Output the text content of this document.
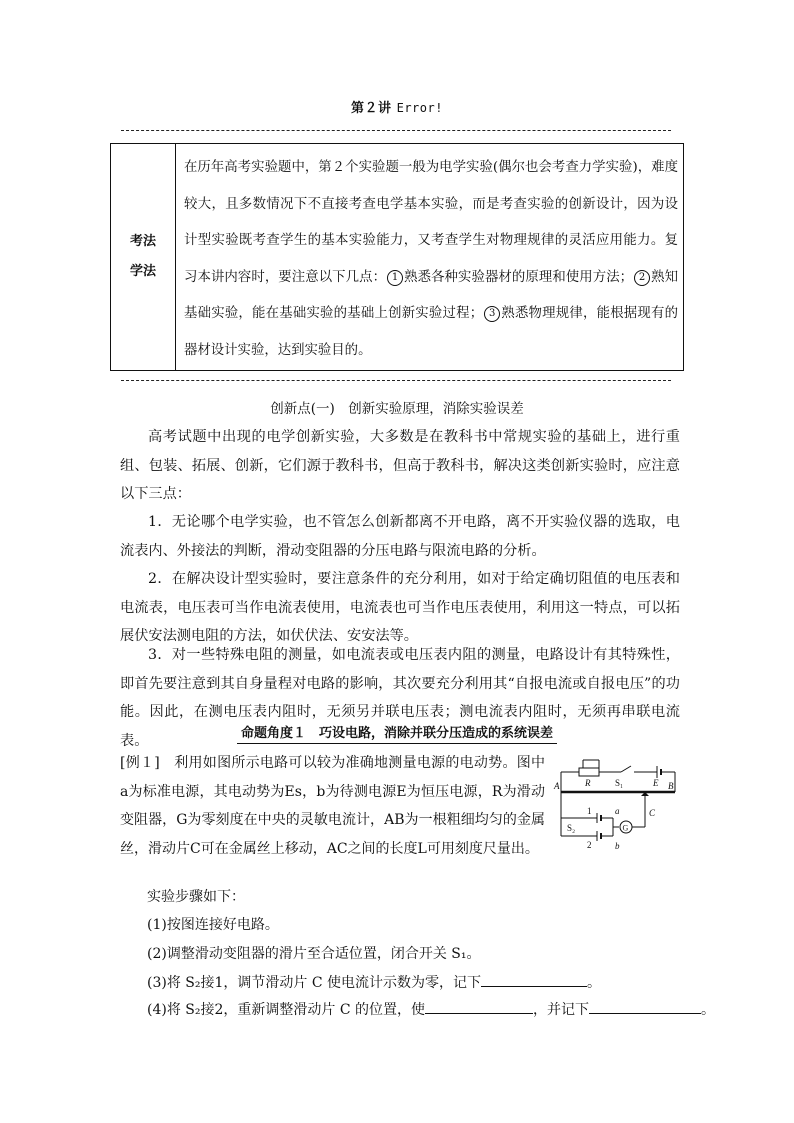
第２讲 Error!
考法
学法
在历年高考实验题中，第２个实验题一般为电学实验(偶尔也会考查力学实验)，难度较大，且多数情况下不直接考查电学基本实验，而是考查实验的创新设计，因为设计型实验既考查学生的基本实验能力，又考查学生对物理规律的灵活应用能力。复习本讲内容时，要注意以下几点： 1 熟悉各种实验器材的原理和使用方法； 2 熟知基础实验，能在基础实验的基础上创新实验过程； 3 熟悉物理规律，能根据现有的器材设计实验，达到实验目的。
创新点(一)　创新实验原理，消除实验误差
高考试题中出现的电学创新实验，大多数是在教科书中常规实验的基础上，进行重组、包装、拓展、创新，它们源于教科书，但高于教科书，解决这类创新实验时，应注意以下三点：
1．无论哪个电学实验，也不管怎么创新都离不开电路，离不开实验仪器的选取，电流表内、外接法的判断，滑动变阻器的分压电路与限流电路的分析。
2．在解决设计型实验时，要注意条件的充分利用，如对于给定确切阻值的电压表和电流表，电压表可当作电流表使用，电流表也可当作电压表使用，利用这一特点，可以拓展伏安法测电阻的方法，如伏伏法、安安法等。
3．对一些特殊电阻的测量，如电流表或电压表内阻的测量，电路设计有其特殊性，即首先要注意到其自身量程对电路的影响，其次要充分利用其“自报电流或自报电压”的功能。因此，在测电压表内阻时，无须另并联电压表；测电流表内阻时，无须再串联电流表。	命题角度１　巧设电路，消除并联分压造成的系统误差
[例１]　利用如图所示电路可以较为准确地测量电源的电动势。图中a为标准电源，其电动势为Es，b为待测电源E为恒压电源，R为滑动变阻器，G为零刻度在中央的灵敏电流计，AB为一根粗细均匀的金属丝，滑动片C可在金属丝上移动，AC之间的长度L可用刻度尺量出。
R	S₁	E
A	B
C
a
b
1
2
S₂	G
实验步骤如下：
(1)按图连接好电路。
(2)调整滑动变阻器的滑片至合适位置，闭合开关 S₁。
(3)将 S₂接1，调节滑动片 C 使电流计示数为零，记下	。
(4)将 S₂接2，重新调整滑动片 C 的位置，使	，并记下	。
